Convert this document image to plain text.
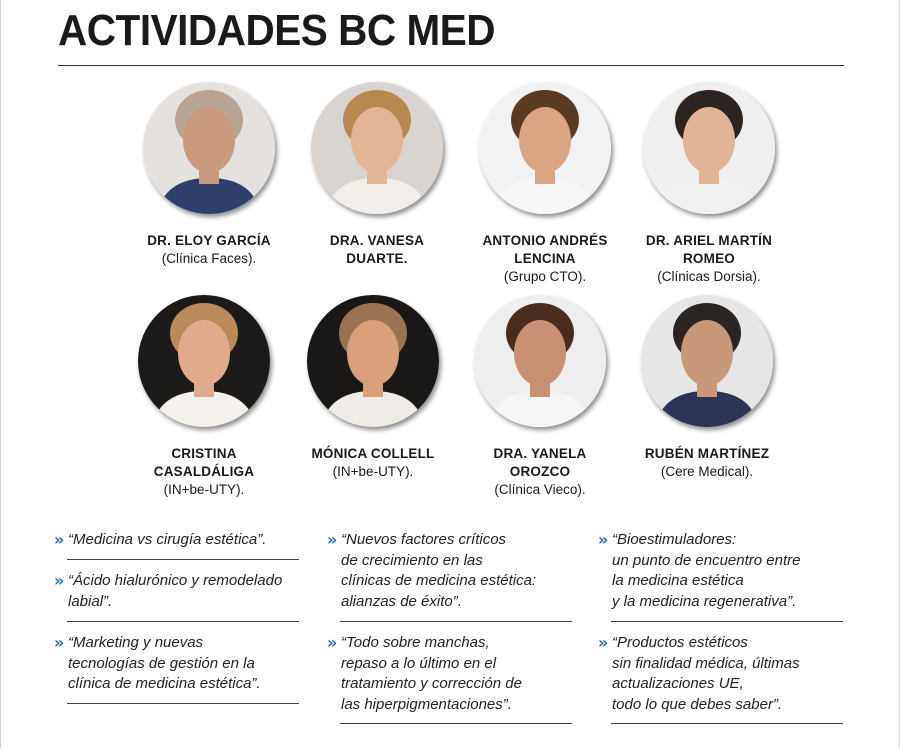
ACTIVIDADES BC MED
DR. ELOY GARCÍA
(Clínica Faces).
DRA. VANESA
DUARTE.
ANTONIO ANDRÉS
LENCINA
(Grupo CTO).
DR. ARIEL MARTÍN
ROMEO
(Clínicas Dorsia).
CRISTINA
CASALDÁLIGA
(IN+be-UTY).
MÓNICA COLLELL
(IN+be-UTY).
DRA. YANELA
OROZCO
(Clínica Vieco).
RUBÉN MARTÍNEZ
(Cere Medical).
» “Medicina vs cirugía estética”.
» “Ácido hialurónico y remodelado
labial”.
» “Marketing y nuevas
tecnologías de gestión en la
clínica de medicina estética”.
» “Nuevos factores críticos
de crecimiento en las
clínicas de medicina estética:
alianzas de éxito”.
» “Todo sobre manchas,
repaso a lo último en el
tratamiento y corrección de
las hiperpigmentaciones”.
» “Bioestimuladores:
un punto de encuentro entre
la medicina estética
y la medicina regenerativa”.
» “Productos estéticos
sin finalidad médica, últimas
actualizaciones UE,
todo lo que debes saber”.
